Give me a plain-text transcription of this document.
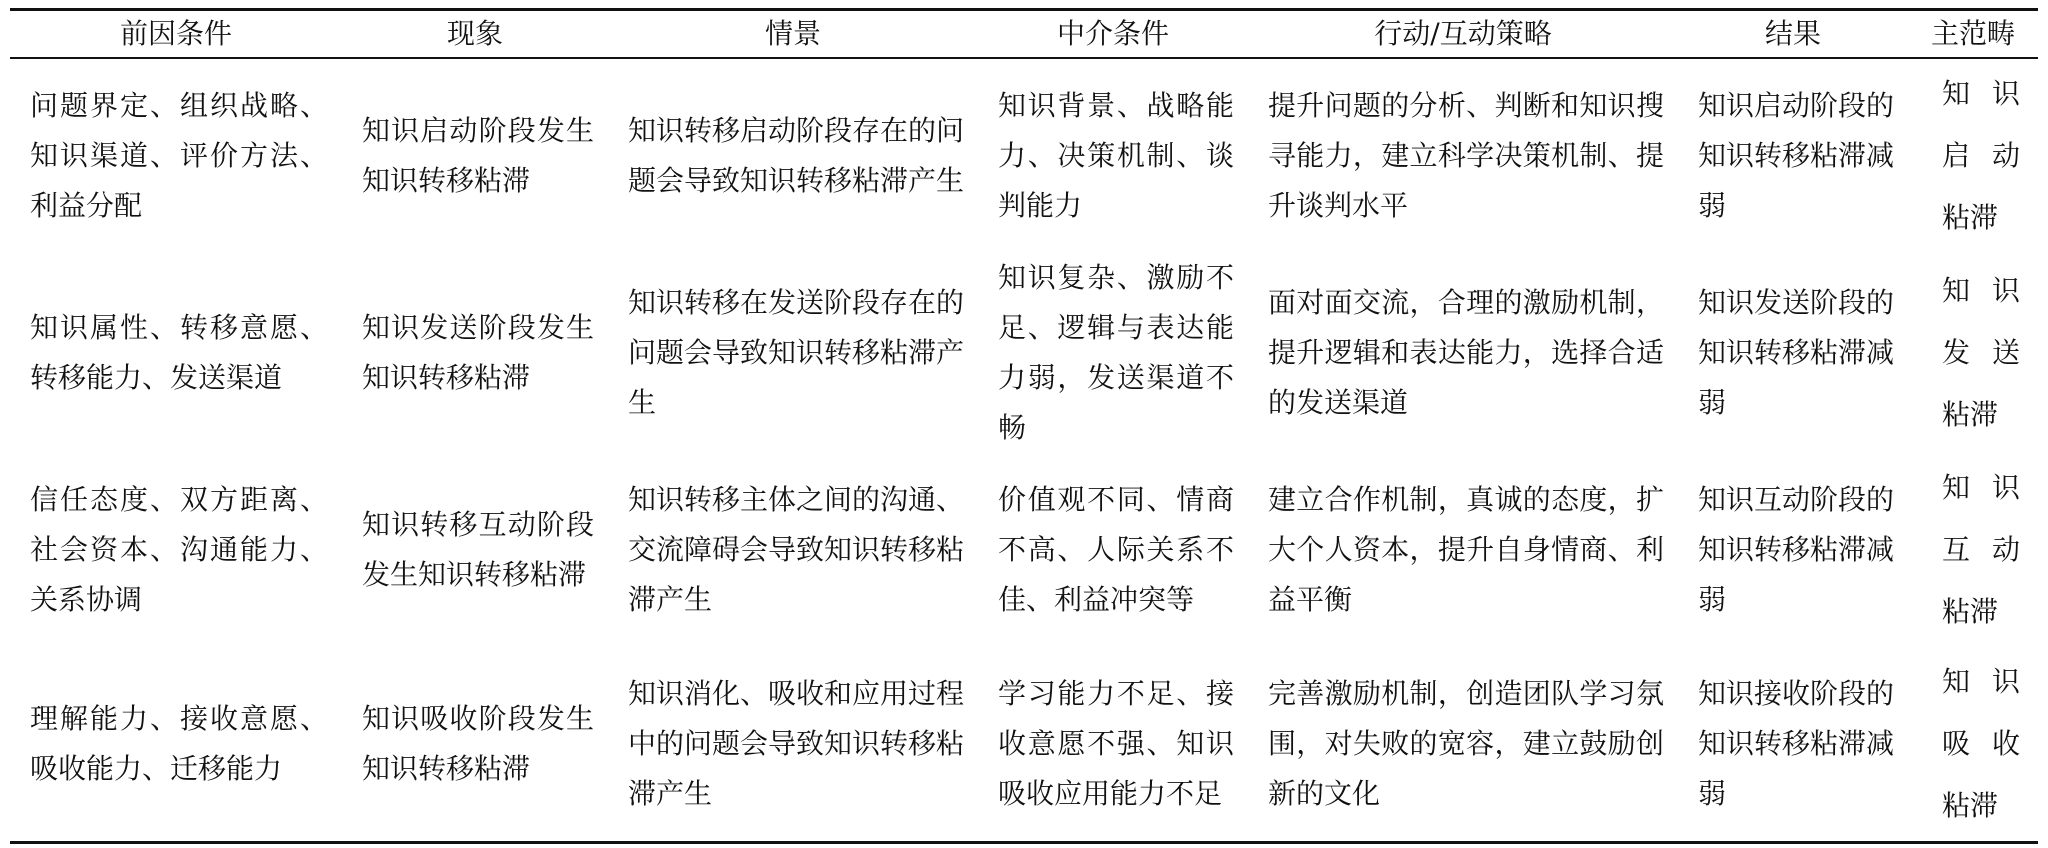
前因条件	现象	情景	中介条件	行动/互动策略	结果	主范畴
问题界定、组织战略、知识渠道、评价方法、利益分配	知识启动阶段发生知识转移粘滞	知识转移启动阶段存在的问题会导致知识转移粘滞产生	知识背景、战略能力、决策机制、谈判能力	提升问题的分析、判断和知识搜寻能力，建立科学决策机制、提升谈判水平	知识启动阶段的知识转移粘滞减弱	知识启动粘滞
知识属性、转移意愿、转移能力、发送渠道	知识发送阶段发生知识转移粘滞	知识转移在发送阶段存在的问题会导致知识转移粘滞产生	知识复杂、激励不足、逻辑与表达能力弱，发送渠道不畅	面对面交流，合理的激励机制，提升逻辑和表达能力，选择合适的发送渠道	知识发送阶段的知识转移粘滞减弱	知识发送粘滞
信任态度、双方距离、社会资本、沟通能力、关系协调	知识转移互动阶段发生知识转移粘滞	知识转移主体之间的沟通、交流障碍会导致知识转移粘滞产生	价值观不同、情商不高、人际关系不佳、利益冲突等	建立合作机制，真诚的态度，扩大个人资本，提升自身情商、利益平衡	知识互动阶段的知识转移粘滞减弱	知识互动粘滞
理解能力、接收意愿、吸收能力、迁移能力	知识吸收阶段发生知识转移粘滞	知识消化、吸收和应用过程中的问题会导致知识转移粘滞产生	学习能力不足、接收意愿不强、知识吸收应用能力不足	完善激励机制，创造团队学习氛围，对失败的宽容，建立鼓励创新的文化	知识接收阶段的知识转移粘滞减弱	知识吸收粘滞
